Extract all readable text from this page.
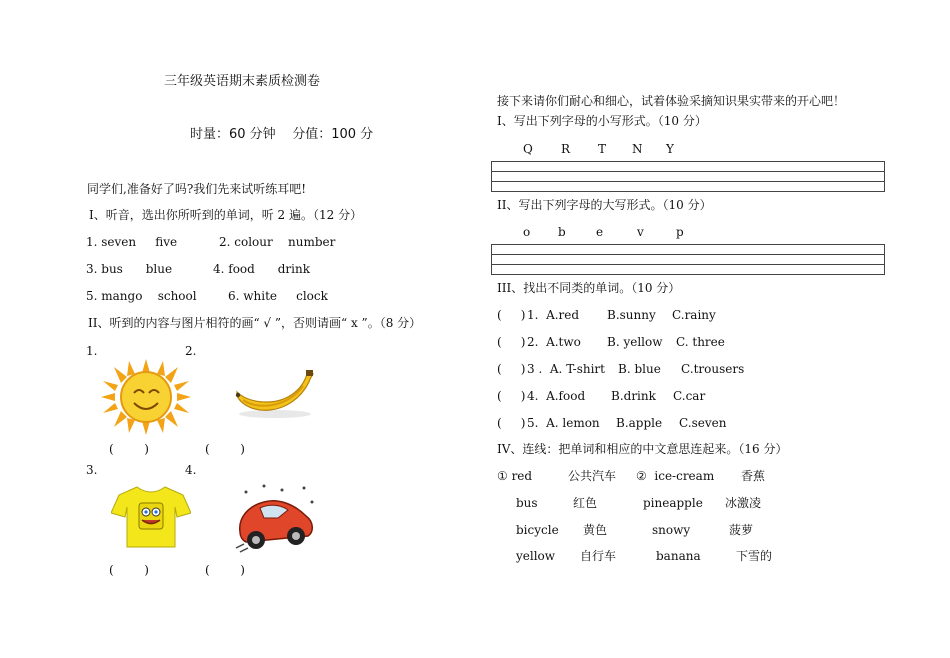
三年级英语期末素质检测卷
时量：60 分钟    分值：100 分
同学们,准备好了吗?我们先来试听练耳吧!
I、听音，选出你所听到的单词，听 2 遍。（12 分）
1. seven     five	2. colour    number
3. bus      blue	4. food      drink
5. mango    school	6. white     clock
II、听到的内容与图片相符的画“ √ ”，否则请画“ x ”。（8 分）
1.	2.
(        )	(        )
3.	4.
(        )	(        )
接下来请你们耐心和细心，试着体验采摘知识果实带来的开心吧！
I、写出下列字母的小写形式。（10 分）
Q R T N Y
II、写出下列字母的大写形式。（10 分）
o b	e	v	p
III、找出不同类的单词。（10 分）
(     ) 1.  A.red B.sunny C.rainy
(     ) 2.  A.two B. yellow C. three
(     ) 3 .  A. T-shirt B. blue C.trousers
(     ) 4.  A.food B.drink C.car
(     ) 5.  A. lemon B.apple C.seven
IV、连线：把单词和相应的中文意思连起来。（16 分）
① red	公共汽车 ②  ice-cream 香蕉
bus	红色	pineapple 冰激凌
bicycle 黄色	snowy	菠萝
yellow 自行车	banana	下雪的
